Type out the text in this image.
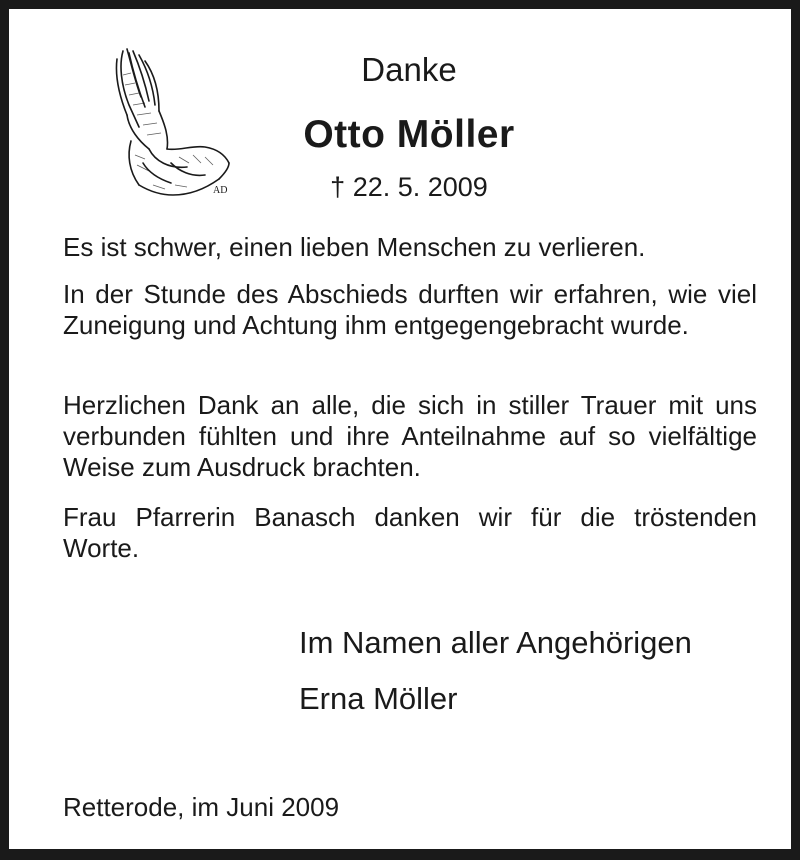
AD
Danke
Otto Möller
† 22. 5. 2009
Es ist schwer, einen lieben Menschen zu verlieren.
In der Stunde des Abschieds durften wir erfahren, wie viel Zuneigung und Achtung ihm entgegengebracht wurde.
Herzlichen Dank an alle, die sich in stiller Trauer mit uns verbunden fühlten und ihre Anteilnahme auf so vielfältige Weise zum Ausdruck brachten.
Frau Pfarrerin Banasch danken wir für die tröstenden Worte.
Im Namen aller Angehörigen
Erna Möller
Retterode, im Juni 2009
